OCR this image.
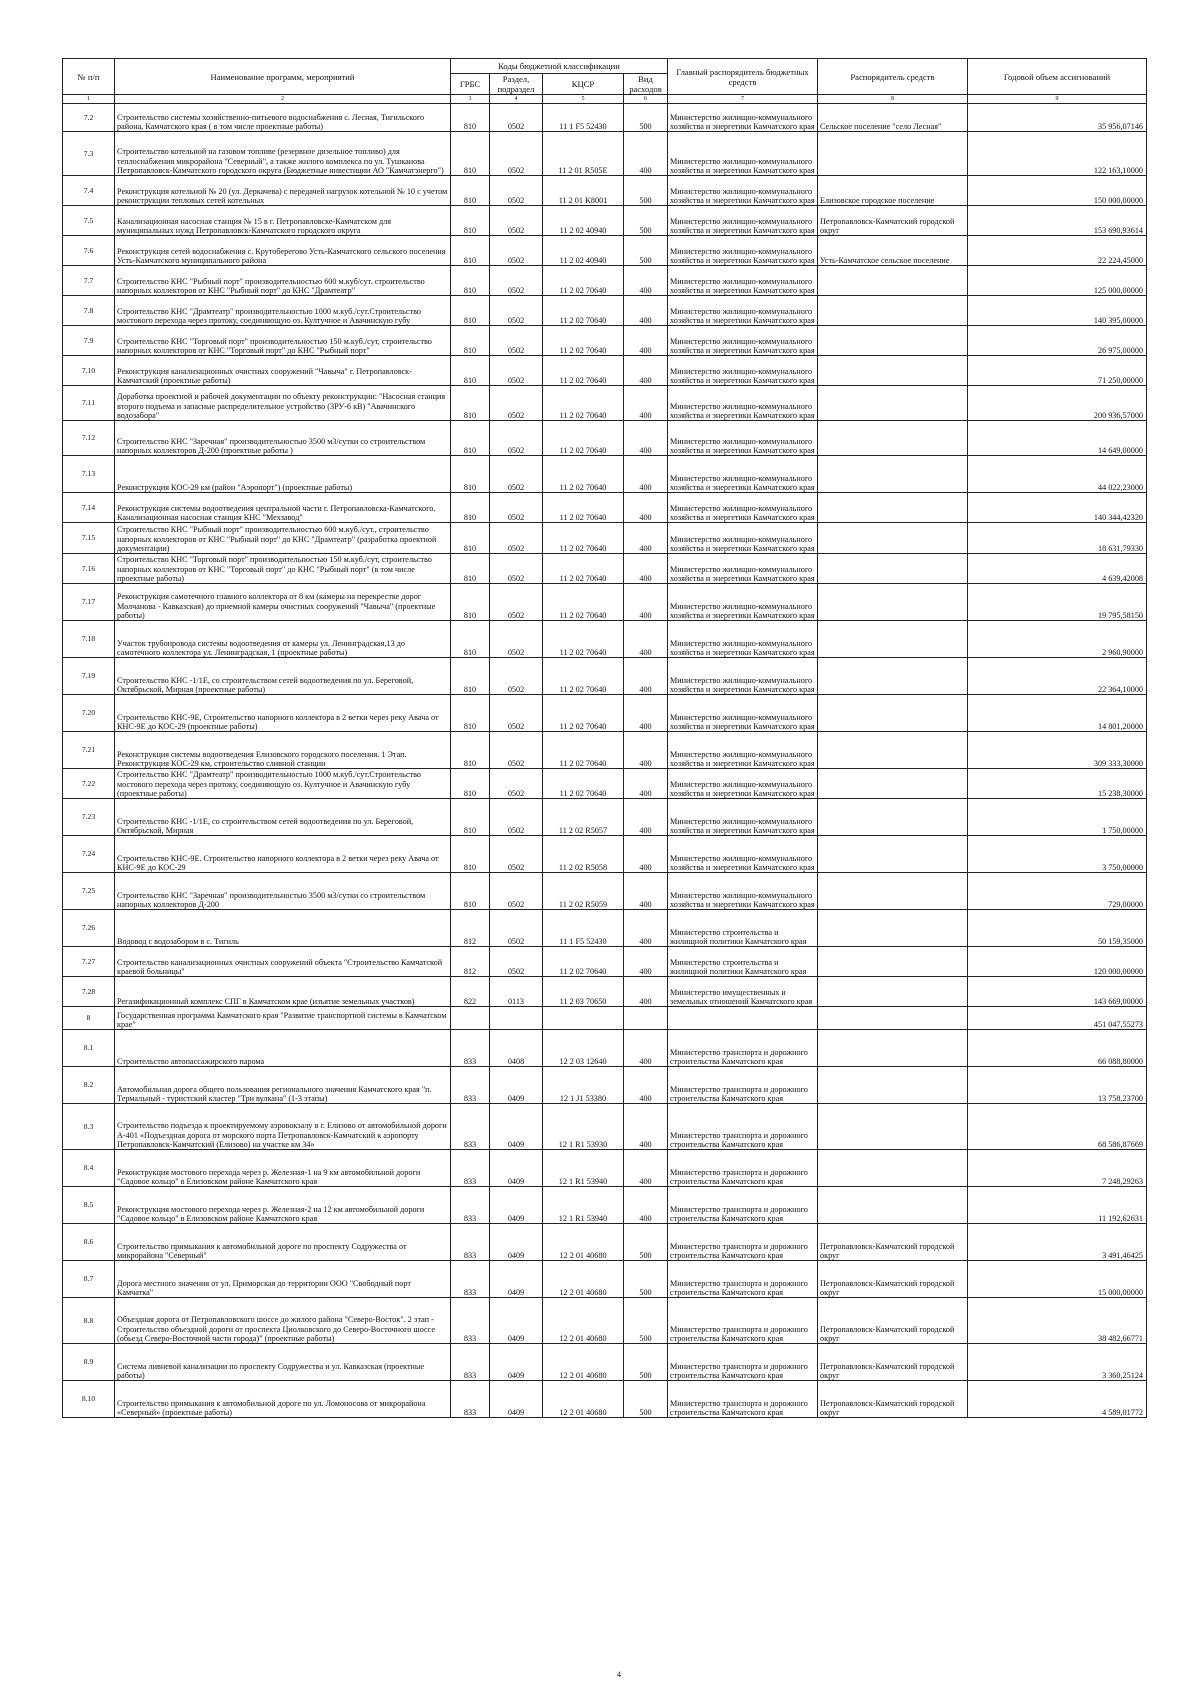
№ п/п	Наименование программ, мероприятий	Коды бюджетной классификации				Главный распорядитель бюджетных средств	Распорядитель средств	Годовой объем ассигнований
		ГРБС	Раздел, подраздел	КЦСР	Вид расходов			
1	2	3	4	5	6	7	8	9
7.2	Строительство системы хозяйственно-питьевого водоснабжения с. Лесная, Тигильского района, Камчатского края ( в том числе проектные работы)	810	0502	11 1 F5 52430	500	Министерство жилищно-коммунального хозяйства и энергетики Камчатского края	Сельское поселение "село Лесная"	35 956,07146
7.3	Строительство котельной на газовом топливе (резервное дизельное топливо) для теплоснабжения микрорайона "Северный", а также жилого комплекса по ул. Тушканова Петропавловск-Камчатского городского округа (Бюджетные инвестиции АО "Камчатэнерго")	810	0502	11 2 01 R505E	400	Министерство жилищно-коммунального хозяйства и энергетики Камчатского края		122 163,10000
7.4	Реконструкция котельной № 20 (ул. Деркачева) с передачей нагрузок котельной № 10 с учетом реконструкции тепловых сетей котельных	810	0502	11 2 01 K8001	500	Министерство жилищно-коммунального хозяйства и энергетики Камчатского края	Елизовское городское поселение	150 000,00000
7.5	Канализационная насосная станция № 15 в г. Петропавловске-Камчатском для муниципальных нужд Петропавловск-Камчатского городского округа	810	0502	11 2 02 40940	500	Министерство жилищно-коммунального хозяйства и энергетики Камчатского края	Петропавловск-Камчатский городской округ	153 690,93614
7.6	Реконструкция сетей водоснабжения с. Крутоберегово Усть-Камчатского сельского поселения Усть-Камчатского муниципального района	810	0502	11 2 02 40940	500	Министерство жилищно-коммунального хозяйства и энергетики Камчатского края	Усть-Камчатское сельское поселение	22 224,45000
7.7	Строительство КНС "Рыбный порт" производительностью 600 м.куб/сут. строительство напорных коллекторов от КНС "Рыбный порт" до КНС "Драмтеатр"	810	0502	11 2 02 70640	400	Министерство жилищно-коммунального хозяйства и энергетики Камчатского края		125 000,00000
7.8	Строительство КНС "Драмтеатр" производительностью 1000 м.куб./сут.Строительство мостового перехода через протоку, соединяющую оз. Култучное и Авачинскую губу	810	0502	11 2 02 70640	400	Министерство жилищно-коммунального хозяйства и энергетики Камчатского края		140 395,00000
7.9	Строительство КНС "Торговый порт" производительностью 150 м.куб./сут, строительство напорных коллекторов от КНС "Торговый порт" до КНС "Рыбный порт"	810	0502	11 2 02 70640	400	Министерство жилищно-коммунального хозяйства и энергетики Камчатского края		26 975,00000
7.10	Реконструкция канализационных очистных сооружений "Чавыча" г. Петропавловск-Камчатский (проектные работы)	810	0502	11 2 02 70640	400	Министерство жилищно-коммунального хозяйства и энергетики Камчатского края		71 250,00000
7.11	Доработка проектной и рабочей документации по объекту реконструкции: "Насосная станция второго подъема и запасные распределительное устройство (ЗРУ-6 кВ) "Авачинского водозабора"	810	0502	11 2 02 70640	400	Министерство жилищно-коммунального хозяйства и энергетики Камчатского края		200 936,57000
7.12	Строительство КНС "Заречная" производительностью 3500 м3/сутки со строительством напорных коллекторов Д-200 (проектные работы )	810	0502	11 2 02 70640	400	Министерство жилищно-коммунального хозяйства и энергетики Камчатского края		14 649,00000
7.13	Реконструкция КОС-29 км (район "Аэропорт") (проектные работы)	810	0502	11 2 02 70640	400	Министерство жилищно-коммунального хозяйства и энергетики Камчатского края		44 022,23000
7.14	Реконструкция системы водоотведения центральной части г. Петропавловска-Камчатского. Канализационная насосная станция КНС "Мехзавод"	810	0502	11 2 02 70640	400	Министерство жилищно-коммунального хозяйства и энергетики Камчатского края		140 344,42320
7.15	Строительство КНС "Рыбный порт" производительностью 600 м.куб./сут., строительство напорных коллекторов от КНС "Рыбный порт" до КНС "Драмтеатр" (разработка проектной документации)	810	0502	11 2 02 70640	400	Министерство жилищно-коммунального хозяйства и энергетики Камчатского края		18 631,79330
7.16	Строительство КНС "Торговый порт" производительностью 150 м.куб./сут, строительство напорных коллекторов от КНС "Торговый порт" до КНС "Рыбный порт" (в том числе проектные работы)	810	0502	11 2 02 70640	400	Министерство жилищно-коммунального хозяйства и энергетики Камчатского края		4 639,42008
7.17	Реконструкция самотечного главного коллектора от 8 км (камеры на перекрестке дорог Молчанова - Кавказская) до приемной камеры очистных сооружений "Чавыча" (проектные работы)	810	0502	11 2 02 70640	400	Министерство жилищно-коммунального хозяйства и энергетики Камчатского края		19 795,58150
7.18	Участок трубопровода системы водоотведения от камеры ул. Ленинградская,13 до самотечного коллектора ул. Ленинградская, 1 (проектные работы)	810	0502	11 2 02 70640	400	Министерство жилищно-коммунального хозяйства и энергетики Камчатского края		2 960,90000
7.19	Строительство КНС -1/1Е, со строительством сетей водоотведения по ул. Береговой, Октябрьской, Мирная (проектные работы)	810	0502	11 2 02 70640	400	Министерство жилищно-коммунального хозяйства и энергетики Камчатского края		22 364,10000
7.20	Строительство КНС-9Е, Строительство напорного коллектора в 2 ветки через реку Авача от КНС-9Е до КОС-29 (проектные работы)	810	0502	11 2 02 70640	400	Министерство жилищно-коммунального хозяйства и энергетики Камчатского края		14 801,20000
7.21	Реконструкция системы водоотведения Елизовского городского поселения. 1 Этап. Реконструкция КОС-29 км, строительство сливной станции	810	0502	11 2 02 70640	400	Министерство жилищно-коммунального хозяйства и энергетики Камчатского края		309 333,30000
7.22	Строительство КНС "Драмтеатр" производительностью 1000 м.куб./сут.Строительство мостового перехода через протоку, соединяющую оз. Култучное и Авачинскую губу (проектные работы)	810	0502	11 2 02 70640	400	Министерство жилищно-коммунального хозяйства и энергетики Камчатского края		15 238,30000
7.23	Строительство КНС -1/1Е, со строительством сетей водоотведения по ул. Береговой, Октябрьской, Мирная	810	0502	11 2 02 R5057	400	Министерство жилищно-коммунального хозяйства и энергетики Камчатского края		1 750,00000
7.24	Строительство КНС-9Е. Строительство напорного коллектора в 2 ветки через реку Авача от КНС-9Е до КОС-29	810	0502	11 2 02 R5058	400	Министерство жилищно-коммунального хозяйства и энергетики Камчатского края		3 750,00000
7.25	Строительство КНС "Заречная" производительностью 3500 м3/сутки со строительством напорных коллекторов Д-200	810	0502	11 2 02 R5059	400	Министерство жилищно-коммунального хозяйства и энергетики Камчатского края		729,00000
7.26	Водовод с водозабором в с. Тигиль	812	0502	11 1 F5 52430	400	Министерство строительства и жилищной политики Камчатского края		50 159,35000
7.27	Строительство канализационных очистных сооружений объекта "Строительство Камчатской краевой больницы"	812	0502	11 2 02 70640	400	Министерство строительства и жилищной политики Камчатского края		120 000,00000
7.28	Регазификационный комплекс СПГ в Камчатском крае (изъятие земельных участков)	822	0113	11 2 03 70650	400	Министерство имущественных и земельных отношений Камчатского края		143 669,00000
8	Государственная программа Камчатского края "Развитие транспортной системы в Камчатском крае"							451 047,55273
8.1	Строительство автопассажирского парома	833	0408	12 2 03 12640	400	Министерство транспорта и дорожного строительства Камчатского края		66 088,80000
8.2	Автомобильная дорога общего пользования регионального значения Камчатского края "п. Термальный - туристский кластер "Три вулкана" (1-3 этапы)	833	0409	12 1 J1 53380	400	Министерство транспорта и дорожного строительства Камчатского края		13 758,23700
8.3	Строительство подъезда к проектируемому аэровокзалу в г. Елизово от автомобильной дороги А-401 «Подъездная дорога от морского порта Петропавловск-Камчатский к аэропорту Петропавловск-Камчатский (Елизово) на участке км 34»	833	0409	12 1 R1 53930	400	Министерство транспорта и дорожного строительства Камчатского края		68 586,87669
8.4	Реконструкция мостового перехода через р. Железная-1 на 9 км автомобильной дороги "Садовое кольцо" в Елизовском районе Камчатского края	833	0409	12 1 R1 53940	400	Министерство транспорта и дорожного строительства Камчатского края		7 248,29263
8.5	Реконструкция мостового перехода через р. Железная-2 на 12 км автомобильной дороги "Садовое кольцо" в Елизовском районе Камчатского края	833	0409	12 1 R1 53940	400	Министерство транспорта и дорожного строительства Камчатского края		11 192,62631
8.6	Строительство примыкания к автомобильной дороге по проспекту Содружества от микрорайона "Северный"	833	0409	12 2 01 40680	500	Министерство транспорта и дорожного строительства Камчатского края	Петропавловск-Камчатский городской округ	3 491,46425
8.7	Дорога местного значения от ул. Приморская до территории ООО "Свободный порт Камчатка"	833	0409	12 2 01 40680	500	Министерство транспорта и дорожного строительства Камчатского края	Петропавловск-Камчатский городской округ	15 000,00000
8.8	Объездная дорога от Петропавловского шоссе до жилого района "Северо-Восток". 2 этап - Строительство объездной дороги от проспекта Циолковского до Северо-Восточного шоссе (обьезд Северо-Восточной части города)" (проектные работы)	833	0409	12 2 01 40680	500	Министерство транспорта и дорожного строительства Камчатского края	Петропавловск-Камчатский городской округ	38 482,66771
8.9	Система ливневой канализации по проспекту Содружества и ул. Кавказская (проектные работы)	833	0409	12 2 01 40680	500	Министерство транспорта и дорожного строительства Камчатского края	Петропавловск-Камчатский городской округ	3 360,25124
8.10	Строительство примыкания к автомобильной дороге по ул. Ломоносова от микрорайона «Северный» (проектные работы)	833	0409	12 2 01 40680	500	Министерство транспорта и дорожного строительства Камчатского края	Петропавловск-Камчатский городской округ	4 589,01772
4
